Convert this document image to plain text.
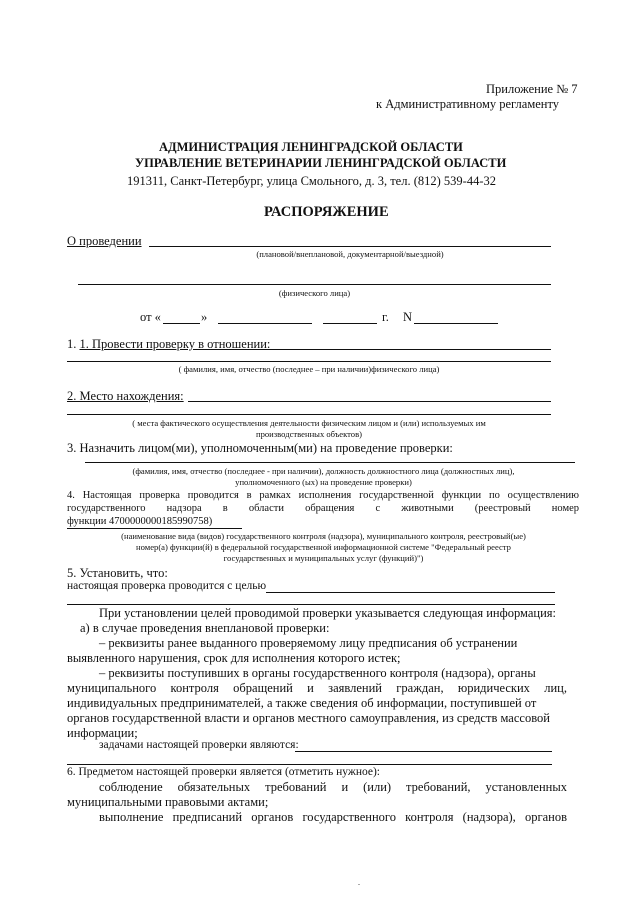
Приложение № 7
к Административному регламенту
АДМИНИСТРАЦИЯ ЛЕНИНГРАДСКОЙ ОБЛАСТИ
УПРАВЛЕНИЕ ВЕТЕРИНАРИИ ЛЕНИНГРАДСКОЙ ОБЛАСТИ
191311, Санкт-Петербург, улица Смольного, д. 3, тел. (812) 539-44-32
РАСПОРЯЖЕНИЕ
О проведении
(плановой/внеплановой, документарной/выездной)
(физического лица)
от «	»	г. N
1. 1. Провести проверку в отношении:
( фамилия, имя, отчество (последнее – при наличии)физического лица)
2. Место нахождения:
( места фактического осуществления деятельности физическим лицом и (или) используемых им
производственных объектов)
3. Назначить лицом(ми), уполномоченным(ми) на проведение проверки:
(фамилия, имя, отчество (последнее - при наличии), должность должностного лица (должностных лиц),
уполномоченного (ых) на проведение проверки)
4. Настоящая проверка проводится в рамках исполнения государственной функции по осуществлению
государственного надзора в области обращения с животными (реестровый номер
функции 4700000000185990758)
(наименование вида (видов) государственного контроля (надзора), муниципального контроля, реестровый(ые)
номер(а) функции(й) в федеральной государственной информационной системе "Федеральный реестр
государственных и муниципальных услуг (функций)")
5. Установить, что:
настоящая проверка проводится с целью
При установлении целей проводимой проверки указывается следующая информация:
а) в случае проведения внеплановой проверки:
– реквизиты ранее выданного проверяемому лицу предписания об устранении
выявленного нарушения, срок для исполнения которого истек;
– реквизиты поступивших в органы государственного контроля (надзора), органы
муниципального контроля обращений и заявлений граждан, юридических лиц,
индивидуальных предпринимателей, а также сведения об информации, поступившей от
органов государственной власти и органов местного самоуправления, из средств массовой
информации;
задачами настоящей проверки являются:
6. Предметом настоящей проверки является (отметить нужное):
соблюдение обязательных требований и (или) требований, установленных
муниципальными правовыми актами;
выполнение предписаний органов государственного контроля (надзора), органов
